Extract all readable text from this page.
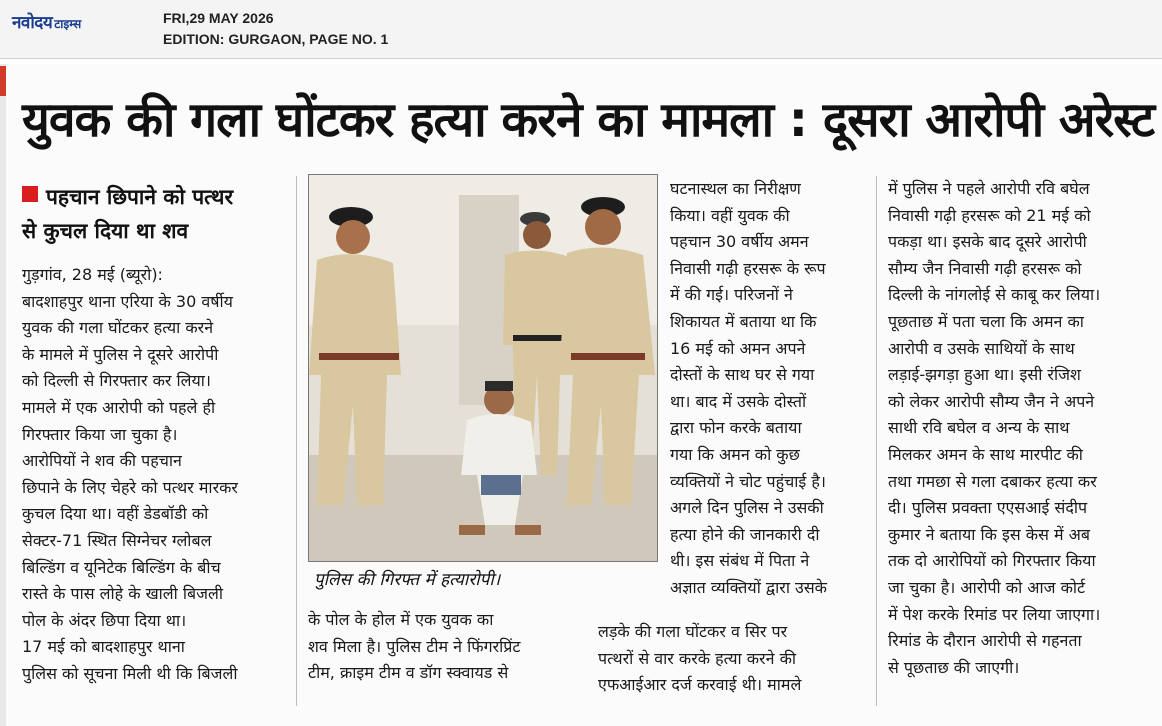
नवोदय टाइम्स	FRI,29 MAY 2026
EDITION: GURGAON, PAGE NO. 1
युवक की गला घोंटकर हत्या करने का मामला : दूसरा आरोपी अरेस्ट
पहचान छिपाने को पत्थर
से कुचल दिया था शव
गुड़गांव, 28 मई (ब्यूरो):
बादशाहपुर थाना एरिया के 30 वर्षीय
युवक की गला घोंटकर हत्या करने
के मामले में पुलिस ने दूसरे आरोपी
को दिल्ली से गिरफ्तार कर लिया।
मामले में एक आरोपी को पहले ही
गिरफ्तार किया जा चुका है।
आरोपियों ने शव की पहचान
छिपाने के लिए चेहरे को पत्थर मारकर
कुचल दिया था। वहीं डेडबॉडी को
सेक्टर-71 स्थित सिग्नेचर ग्लोबल
बिल्डिंग व यूनिटेक बिल्डिंग के बीच
रास्ते के पास लोहे के खाली बिजली
पोल के अंदर छिपा दिया था।
17 मई को बादशाहपुर थाना
पुलिस को सूचना मिली थी कि बिजली
पुलिस की गिरफ्त में हत्यारोपी।
के पोल के होल में एक युवक का
शव मिला है। पुलिस टीम ने फिंगरप्रिंट
टीम, क्राइम टीम व डॉग स्क्वायड से
घटनास्थल का निरीक्षण
किया। वहीं युवक की
पहचान 30 वर्षीय अमन
निवासी गढ़ी हरसरू के रूप
में की गई। परिजनों ने
शिकायत में बताया था कि
16 मई को अमन अपने
दोस्तों के साथ घर से गया
था। बाद में उसके दोस्तों
द्वारा फोन करके बताया
गया कि अमन को कुछ
व्यक्तियों ने चोट पहुंचाई है।
अगले दिन पुलिस ने उसकी
हत्या होने की जानकारी दी
थी। इस संबंध में पिता ने
अज्ञात व्यक्तियों द्वारा उसके
लड़के की गला घोंटकर व सिर पर
पत्थरों से वार करके हत्या करने की
एफआईआर दर्ज करवाई थी। मामले
में पुलिस ने पहले आरोपी रवि बघेल
निवासी गढ़ी हरसरू को 21 मई को
पकड़ा था। इसके बाद दूसरे आरोपी
सौम्य जैन निवासी गढ़ी हरसरू को
दिल्ली के नांगलोई से काबू कर लिया।
पूछताछ में पता चला कि अमन का
आरोपी व उसके साथियों के साथ
लड़ाई-झगड़ा हुआ था। इसी रंजिश
को लेकर आरोपी सौम्य जैन ने अपने
साथी रवि बघेल व अन्य के साथ
मिलकर अमन के साथ मारपीट की
तथा गमछा से गला दबाकर हत्या कर
दी। पुलिस प्रवक्ता एएसआई संदीप
कुमार ने बताया कि इस केस में अब
तक दो आरोपियों को गिरफ्तार किया
जा चुका है। आरोपी को आज कोर्ट
में पेश करके रिमांड पर लिया जाएगा।
रिमांड के दौरान आरोपी से गहनता
से पूछताछ की जाएगी।
